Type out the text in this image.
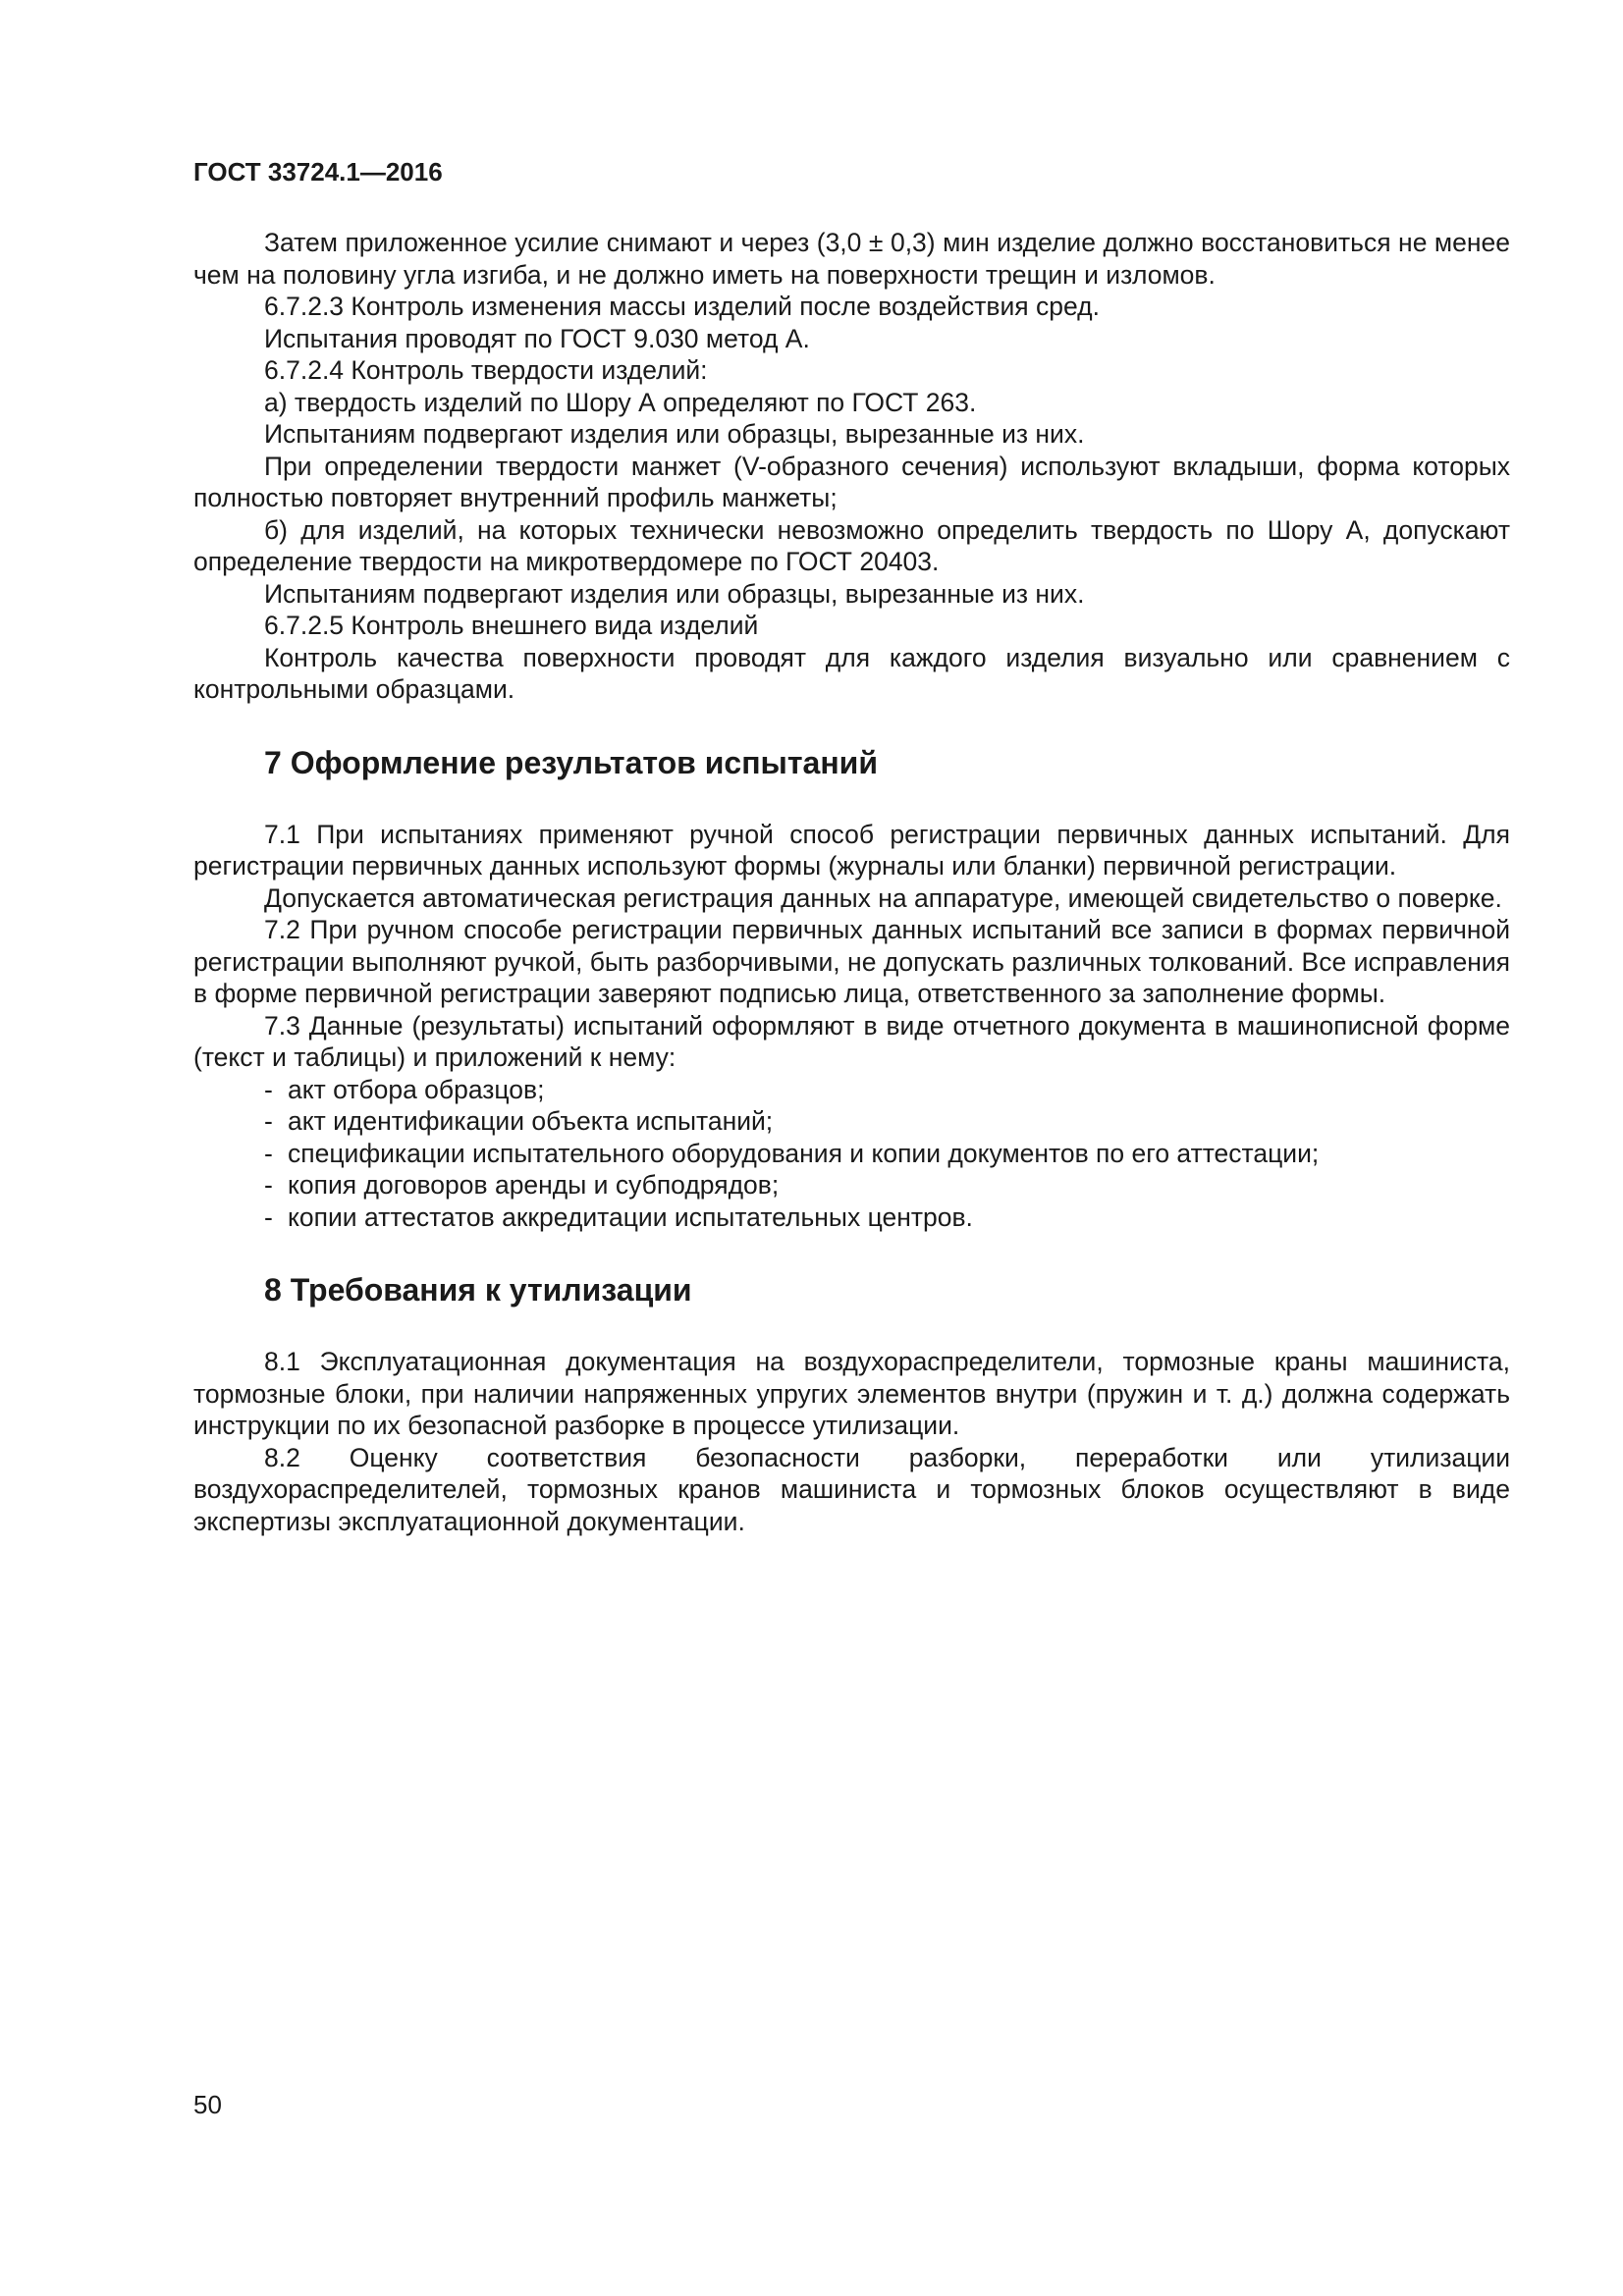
ГОСТ 33724.1—2016

Затем приложенное усилие снимают и через (3,0 ± 0,3) мин изделие должно восстановиться не менее чем на половину угла изгиба, и не должно иметь на поверхности трещин и изломов.

6.7.2.3 Контроль изменения массы изделий после воздействия сред.

Испытания проводят по ГОСТ 9.030 метод А.

6.7.2.4 Контроль твердости изделий:

а) твердость изделий по Шору А определяют по ГОСТ 263.

Испытаниям подвергают изделия или образцы, вырезанные из них.

При определении твердости манжет (V-образного сечения) используют вкладыши, форма которых полностью повторяет внутренний профиль манжеты;

б) для изделий, на которых технически невозможно определить твердость по Шору А, допускают определение твердости на микротвердомере по ГОСТ 20403.

Испытаниям подвергают изделия или образцы, вырезанные из них.

6.7.2.5 Контроль внешнего вида изделий

Контроль качества поверхности проводят для каждого изделия визуально или сравнением с контрольными образцами.

7 Оформление результатов испытаний

7.1 При испытаниях применяют ручной способ регистрации первичных данных испытаний. Для регистрации первичных данных используют формы (журналы или бланки) первичной регистрации.

Допускается автоматическая регистрация данных на аппаратуре, имеющей свидетельство о поверке.

7.2 При ручном способе регистрации первичных данных испытаний все записи в формах первичной регистрации выполняют ручкой, быть разборчивыми, не допускать различных толкований. Все исправления в форме первичной регистрации заверяют подписью лица, ответственного за заполнение формы.

7.3 Данные (результаты) испытаний оформляют в виде отчетного документа в машинописной форме (текст и таблицы) и приложений к нему:

- акт отбора образцов;
- акт идентификации объекта испытаний;
- спецификации испытательного оборудования и копии документов по его аттестации;
- копия договоров аренды и субподрядов;
- копии аттестатов аккредитации испытательных центров.
8 Требования к утилизации

8.1 Эксплуатационная документация на воздухораспределители, тормозные краны машиниста, тормозные блоки, при наличии напряженных упругих элементов внутри (пружин и т. д.) должна содержать инструкции по их безопасной разборке в процессе утилизации.

8.2 Оценку соответствия безопасности разборки, переработки или утилизации воздухораспределителей, тормозных кранов машиниста и тормозных блоков осуществляют в виде экспертизы эксплуатационной документации.

50
